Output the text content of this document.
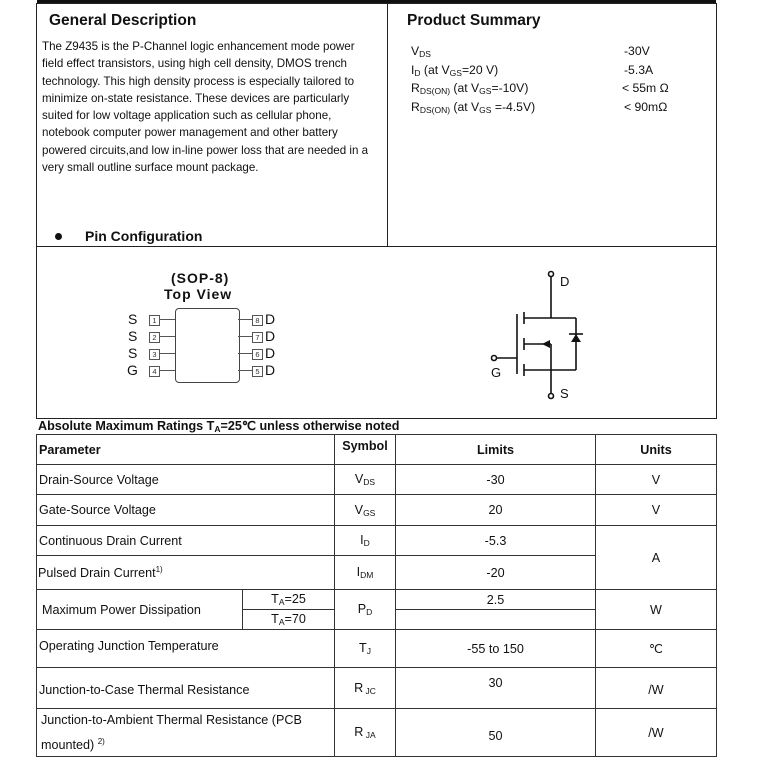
General Description
The Z9435 is the P-Channel logic enhancement mode power
field effect transistors, using high cell density, DMOS trench
technology. This high density process is especially tailored to
minimize on-state resistance. These devices are particularly
suited for low voltage application such as cellular phone,
notebook computer power management and other battery
powered circuits,and low in-line power loss that are needed in a
very small outline surface mount package.
Pin Configuration
Product Summary
$V_{DS}$	-30V
$I_D$ (at $V_{GS}=20$ V)	-5.3A
$R_{DS(ON)}$ (at $V_{GS}=-10V$)	< 55m Ω
$R_{DS(ON)}$ (at $V_{GS} =-4.5V$)	< 90mΩ
(SOP-8)
Top View
S	1
S	2
S	3
G	4
8 D
7 D
6 D
5 D
D
S
G
Absolute Maximum Ratings $T_A=25℃$ unless otherwise noted
Parameter		Symbol	Limits	Units
Drain-Source Voltage		$V_{DS}$	-30	V
Gate-Source Voltage		$V_{GS}$	20	V
Continuous Drain Current		$I_D$	-5.3	A
Pulsed Drain Current$^{1)}$		$I_{DM}$	-20	
Maximum Power Dissipation	$T_A=25$	$P_D$	2.5	W
	$T_A=70$			
Operating Junction Temperature		$T_J$	-55 to 150	℃
Junction-to-Case Thermal Resistance		R $_{JC}$	30	/W

Junction-to-Ambient Thermal Resistance (PCB
mounted) $^{2)}$		R $_{JA}$	50	/W
